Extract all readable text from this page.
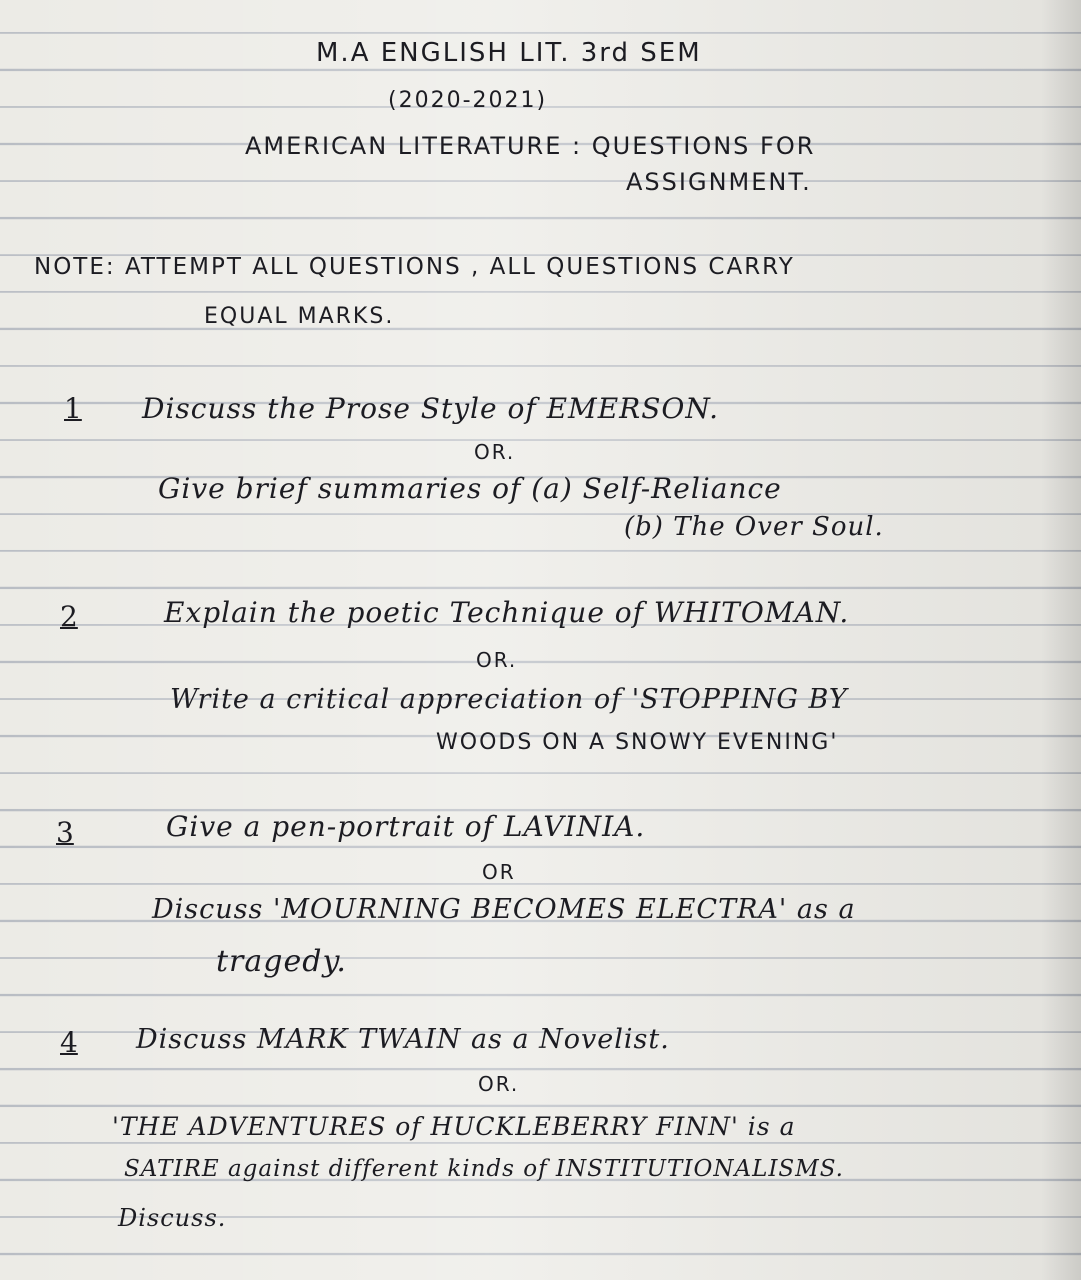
M.A ENGLISH LIT. 3rd SEM
(2020-2021)
AMERICAN LITERATURE : QUESTIONS FOR
ASSIGNMENT.
NOTE: ATTEMPT ALL QUESTIONS , ALL QUESTIONS CARRY
EQUAL MARKS.
1 Discuss the Prose Style of EMERSON.
OR.
Give brief summaries of (a) Self-Reliance
(b) The Over Soul.
2	Explain the poetic Technique of WHITOMAN.
OR.
Write a critical appreciation of 'STOPPING BY
WOODS ON A SNOWY EVENING'
3	Give a pen-portrait of LAVINIA.
OR
Discuss 'MOURNING BECOMES ELECTRA' as a
tragedy.
4 Discuss MARK TWAIN as a Novelist.
OR.
'THE ADVENTURES of HUCKLEBERRY FINN' is a
SATIRE against different kinds of INSTITUTIONALISMS.
Discuss.
